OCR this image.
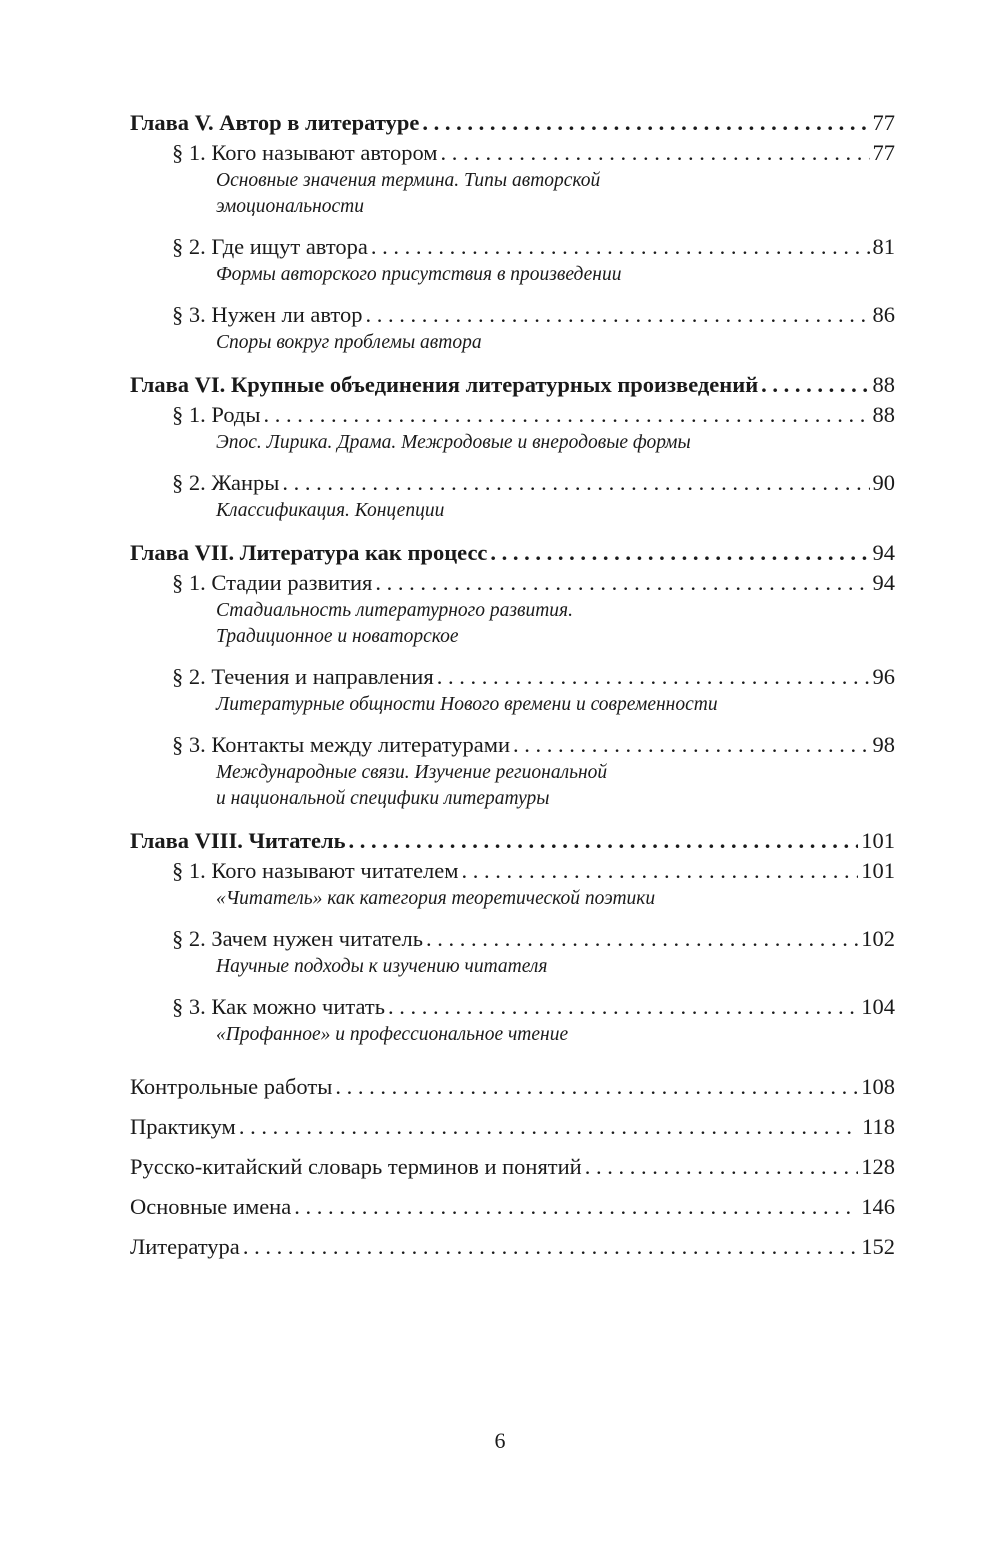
Глава V. Автор в литературе . . .	77
§ 1. Кого называют автором . . .	77
Основные значения термина. Типы авторской
эмоциональности
§ 2. Где ищут автора . . .	81
Формы авторского присутствия в произведении
§ 3. Нужен ли автор . . .	86
Споры вокруг проблемы автора
Глава VI. Крупные объединения литературных произведений . . .	88
§ 1. Роды . . .	88
Эпос. Лирика. Драма. Межродовые и внеродовые формы
§ 2. Жанры . . .	90
Классификация. Концепции
Глава VII. Литература как процесс . . .	94
§ 1. Стадии развития . . .	94
Стадиальность литературного развития.
Традиционное и новаторское
§ 2. Течения и направления . . .	96
Литературные общности Нового времени и современности
§ 3. Контакты между литературами . . .	98
Международные связи. Изучение региональной
и национальной специфики литературы
Глава VIII. Читатель . . .	101
§ 1. Кого называют читателем . . .	101
«Читатель» как категория теоретической поэтики
§ 2. Зачем нужен читатель . . .	102
Научные подходы к изучению читателя
§ 3. Как можно читать . . .	104
«Профанное» и профессиональное чтение
Контрольные работы . . .	108
Практикум . . .	118
Русско-китайский словарь терминов и понятий . . .	128
Основные имена . . .	146
Литература . . .	152
6
